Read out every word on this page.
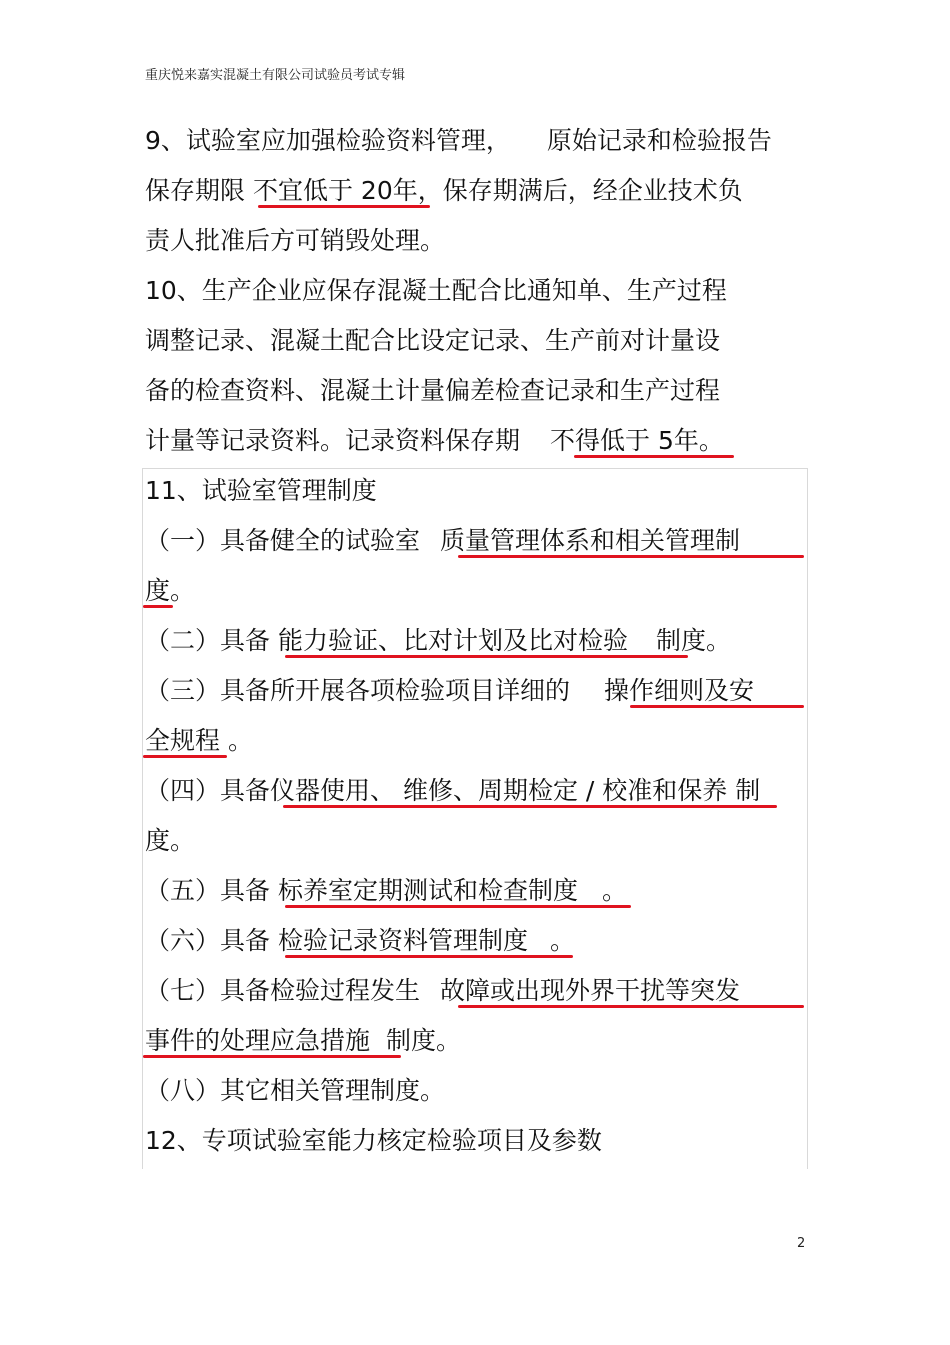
重庆悦来嘉实混凝土有限公司试验员考试专辑
9、试验室应加强检验资料管理， 原始记录和检验报告
保存期限 不宜低于 20年，保存期满后，经企业技术负
责人批准后方可销毁处理。
10、生产企业应保存混凝土配合比通知单、生产过程
调整记录、混凝土配合比设定记录、生产前对计量设
备的检查资料、混凝土计量偏差检查记录和生产过程
计量等记录资料。记录资料保存期 不得低于 5年。
11、试验室管理制度
（一）具备健全的试验室 质量管理体系和相关管理制
度。
（二）具备 能力验证、比对计划及比对检验 制度。
（三）具备所开展各项检验项目详细的 操作细则及安
全规程 。
（四）具备仪器使用、 维修、周期检定 / 校准和保养 制
度。
（五）具备 标养室定期测试和检查制度 。
（六）具备 检验记录资料管理制度 。
（七）具备检验过程发生 故障或出现外界干扰等突发
事件的处理应急措施 制度。
（八）其它相关管理制度。
12、专项试验室能力核定检验项目及参数
2
